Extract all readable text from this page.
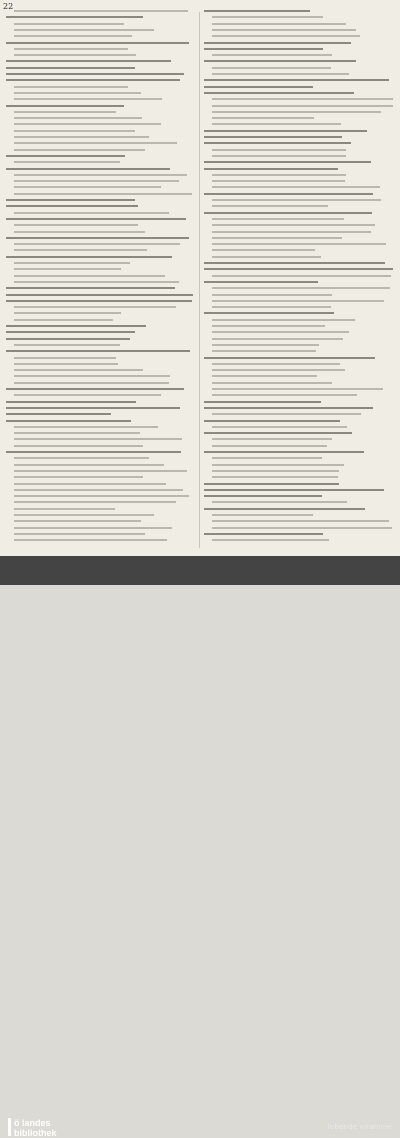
22
ö landes
bibliothek
lebende vitamine
